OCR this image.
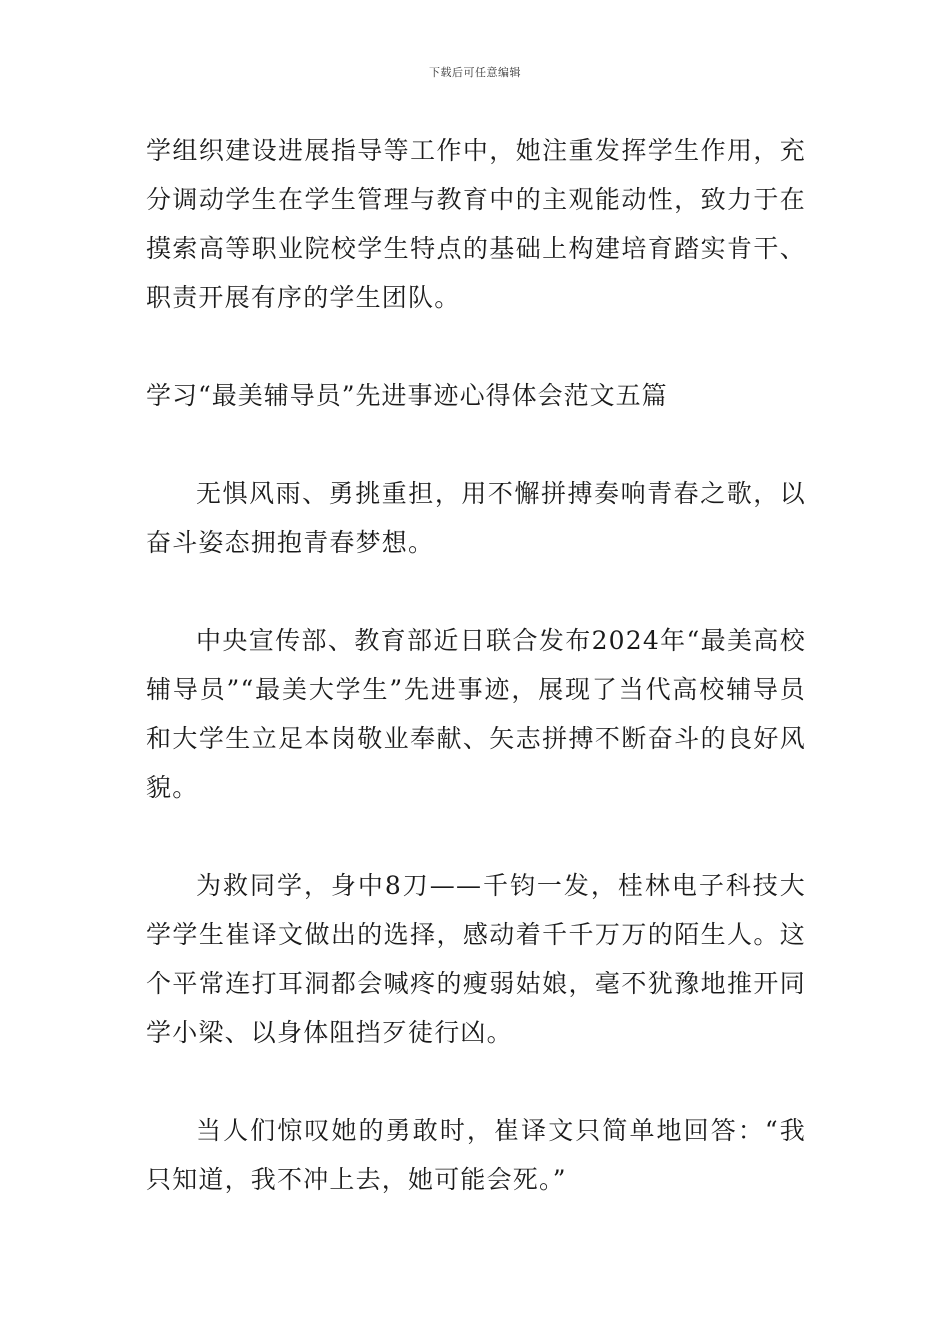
下载后可任意编辑

学组织建设进展指导等工作中，她注重发挥学生作用，充分调动学生在学生管理与教育中的主观能动性，致力于在摸索高等职业院校学生特点的基础上构建培育踏实肯干、职责开展有序的学生团队。

学习“最美辅导员”先进事迹心得体会范文五篇

无惧风雨、勇挑重担，用不懈拼搏奏响青春之歌，以奋斗姿态拥抱青春梦想。

中央宣传部、教育部近日联合发布2024年“最美高校辅导员”“最美大学生”先进事迹，展现了当代高校辅导员和大学生立足本岗敬业奉献、矢志拼搏不断奋斗的良好风貌。

为救同学，身中8刀——千钧一发，桂林电子科技大学学生崔译文做出的选择，感动着千千万万的陌生人。这个平常连打耳洞都会喊疼的瘦弱姑娘，毫不犹豫地推开同学小梁、以身体阻挡歹徒行凶。

当人们惊叹她的勇敢时，崔译文只简单地回答：“我只知道，我不冲上去，她可能会死。”
